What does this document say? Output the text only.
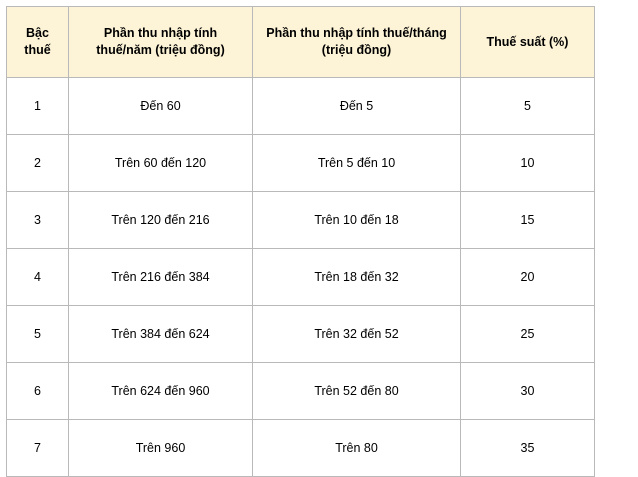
Bậc thuế	Phần thu nhập tính thuế/năm (triệu đồng)	Phần thu nhập tính thuế/tháng (triệu đồng)	Thuế suất (%)

1	Đến 60	Đến 5	5
2	Trên 60 đến 120	Trên 5 đến 10	10
3	Trên 120 đến 216	Trên 10 đến 18	15
4	Trên 216 đến 384	Trên 18 đến 32	20
5	Trên 384 đến 624	Trên 32 đến 52	25
6	Trên 624 đến 960	Trên 52 đến 80	30
7	Trên 960	Trên 80	35
